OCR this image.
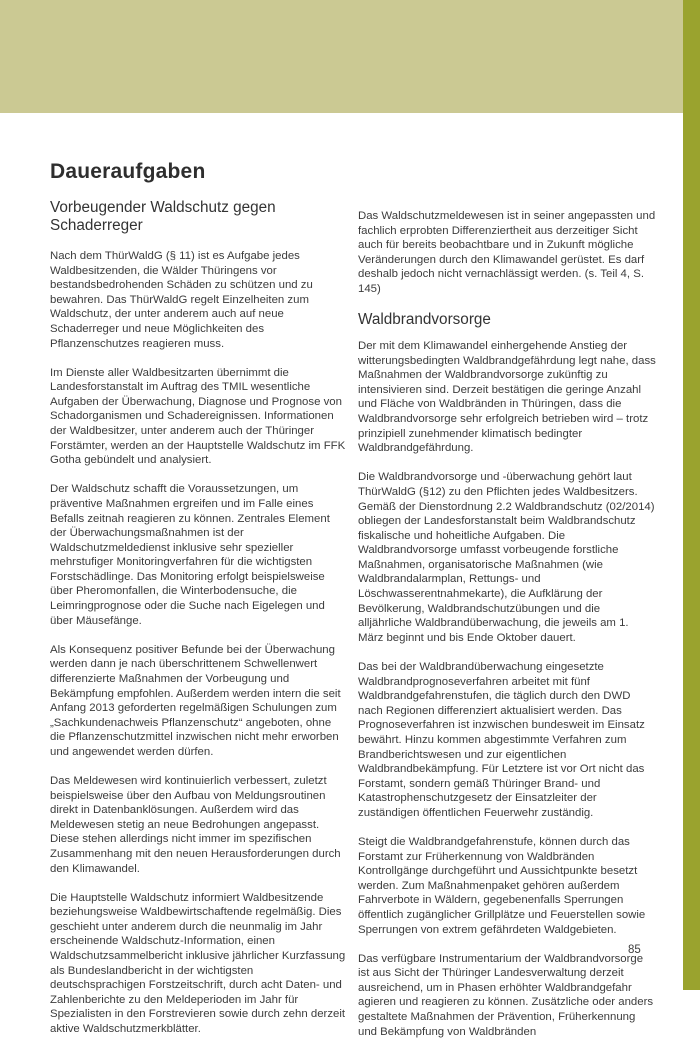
Daueraufgaben
Vorbeugender Waldschutz gegen Schaderreger

Nach dem ThürWaldG (§ 11) ist es Aufgabe jedes Waldbesitzenden, die Wälder Thüringens vor bestandsbedrohenden Schäden zu schützen und zu bewahren. Das ThürWaldG regelt Einzelheiten zum Waldschutz, der unter anderem auch auf neue Schaderreger und neue Möglichkeiten des Pflanzenschutzes reagieren muss.

Im Dienste aller Waldbesitzarten übernimmt die Landesforstanstalt im Auftrag des TMIL wesentliche Aufgaben der Überwachung, Diagnose und Prognose von Schadorganismen und Schadereignissen. Informationen der Waldbesitzer, unter anderem auch der Thüringer Forstämter, werden an der Hauptstelle Waldschutz im FFK Gotha gebündelt und analysiert.

Der Waldschutz schafft die Voraussetzungen, um präventive Maßnahmen ergreifen und im Falle eines Befalls zeitnah reagieren zu können. Zentrales Element der Überwachungsmaßnahmen ist der Waldschutzmeldedienst inklusive sehr spezieller mehrstufiger Monitoringverfahren für die wichtigsten Forstschädlinge. Das Monitoring erfolgt beispielsweise über Pheromonfallen, die Winterbodensuche, die Leimringprognose oder die Suche nach Eigelegen und über Mäusefänge.

Als Konsequenz positiver Befunde bei der Überwachung werden dann je nach überschrittenem Schwellenwert differenzierte Maßnahmen der Vorbeugung und Bekämpfung empfohlen. Außerdem werden intern die seit Anfang 2013 geforderten regelmäßigen Schulungen zum „Sachkundenachweis Pflanzenschutz“ angeboten, ohne die Pflanzenschutzmittel inzwischen nicht mehr erworben und angewendet werden dürfen.

Das Meldewesen wird kontinuierlich verbessert, zuletzt beispielsweise über den Aufbau von Meldungsroutinen direkt in Datenbanklösungen. Außerdem wird das Meldewesen stetig an neue Bedrohungen angepasst. Diese stehen allerdings nicht immer im spezifischen Zusammenhang mit den neuen Herausforderungen durch den Klimawandel.

Die Hauptstelle Waldschutz informiert Waldbesitzende beziehungsweise Waldbewirtschaftende regelmäßig. Dies geschieht unter anderem durch die neunmalig im Jahr erscheinende Waldschutz-Information, einen Waldschutzsammelbericht inklusive jährlicher Kurzfassung als Bundeslandbericht in der wichtigsten deutschsprachigen Forstzeitschrift, durch acht Daten- und Zahlenberichte zu den Meldeperioden im Jahr für Spezialisten in den Forstrevieren sowie durch zehn derzeit aktive Waldschutzmerkblätter.

Das Waldschutzmeldewesen ist in seiner angepassten und fachlich erprobten Differenziertheit aus derzeitiger Sicht auch für bereits beobachtbare und in Zukunft mögliche Veränderungen durch den Klimawandel gerüstet. Es darf deshalb jedoch nicht vernachlässigt werden. (s. Teil 4, S. 145)

Waldbrandvorsorge

Der mit dem Klimawandel einhergehende Anstieg der witterungsbedingten Waldbrandgefährdung legt nahe, dass Maßnahmen der Waldbrandvorsorge zukünftig zu intensivieren sind. Derzeit bestätigen die geringe Anzahl und Fläche von Waldbränden in Thüringen, dass die Waldbrandvorsorge sehr erfolgreich betrieben wird – trotz prinzipiell zunehmender klimatisch bedingter Waldbrandgefährdung.

Die Waldbrandvorsorge und -überwachung gehört laut ThürWaldG (§12) zu den Pflichten jedes Waldbesitzers. Gemäß der Dienstordnung 2.2 Waldbrandschutz (02/2014) obliegen der Landesforstanstalt beim Waldbrandschutz fiskalische und hoheitliche Aufgaben. Die Waldbrandvorsorge umfasst vorbeugende forstliche Maßnahmen, organisatorische Maßnahmen (wie Waldbrandalarmplan, Rettungs- und Löschwasserentnahmekarte), die Aufklärung der Bevölkerung, Waldbrandschutzübungen und die alljährliche Waldbrandüberwachung, die jeweils am 1. März beginnt und bis Ende Oktober dauert.

Das bei der Waldbrandüberwachung eingesetzte Waldbrandprognoseverfahren arbeitet mit fünf Waldbrandgefahrenstufen, die täglich durch den DWD nach Regionen differenziert aktualisiert werden. Das Prognoseverfahren ist inzwischen bundesweit im Einsatz bewährt. Hinzu kommen abgestimmte Verfahren zum Brandberichtswesen und zur eigentlichen Waldbrandbekämpfung. Für Letztere ist vor Ort nicht das Forstamt, sondern gemäß Thüringer Brand- und Katastrophenschutzgesetz der Einsatzleiter der zuständigen öffentlichen Feuerwehr zuständig.

Steigt die Waldbrandgefahrenstufe, können durch das Forstamt zur Früherkennung von Waldbränden Kontrollgänge durchgeführt und Aussichtpunkte besetzt werden. Zum Maßnahmenpaket gehören außerdem Fahrverbote in Wäldern, gegebenenfalls Sperrungen öffentlich zugänglicher Grillplätze und Feuerstellen sowie Sperrungen von extrem gefährdeten Waldgebieten.

Das verfügbare Instrumentarium der Waldbrandvorsorge ist aus Sicht der Thüringer Landesverwaltung derzeit ausreichend, um in Phasen erhöhter Waldbrandgefahr agieren und reagieren zu können. Zusätzliche oder anders gestaltete Maßnahmen der Prävention, Früherkennung und Bekämpfung von Waldbränden

85
